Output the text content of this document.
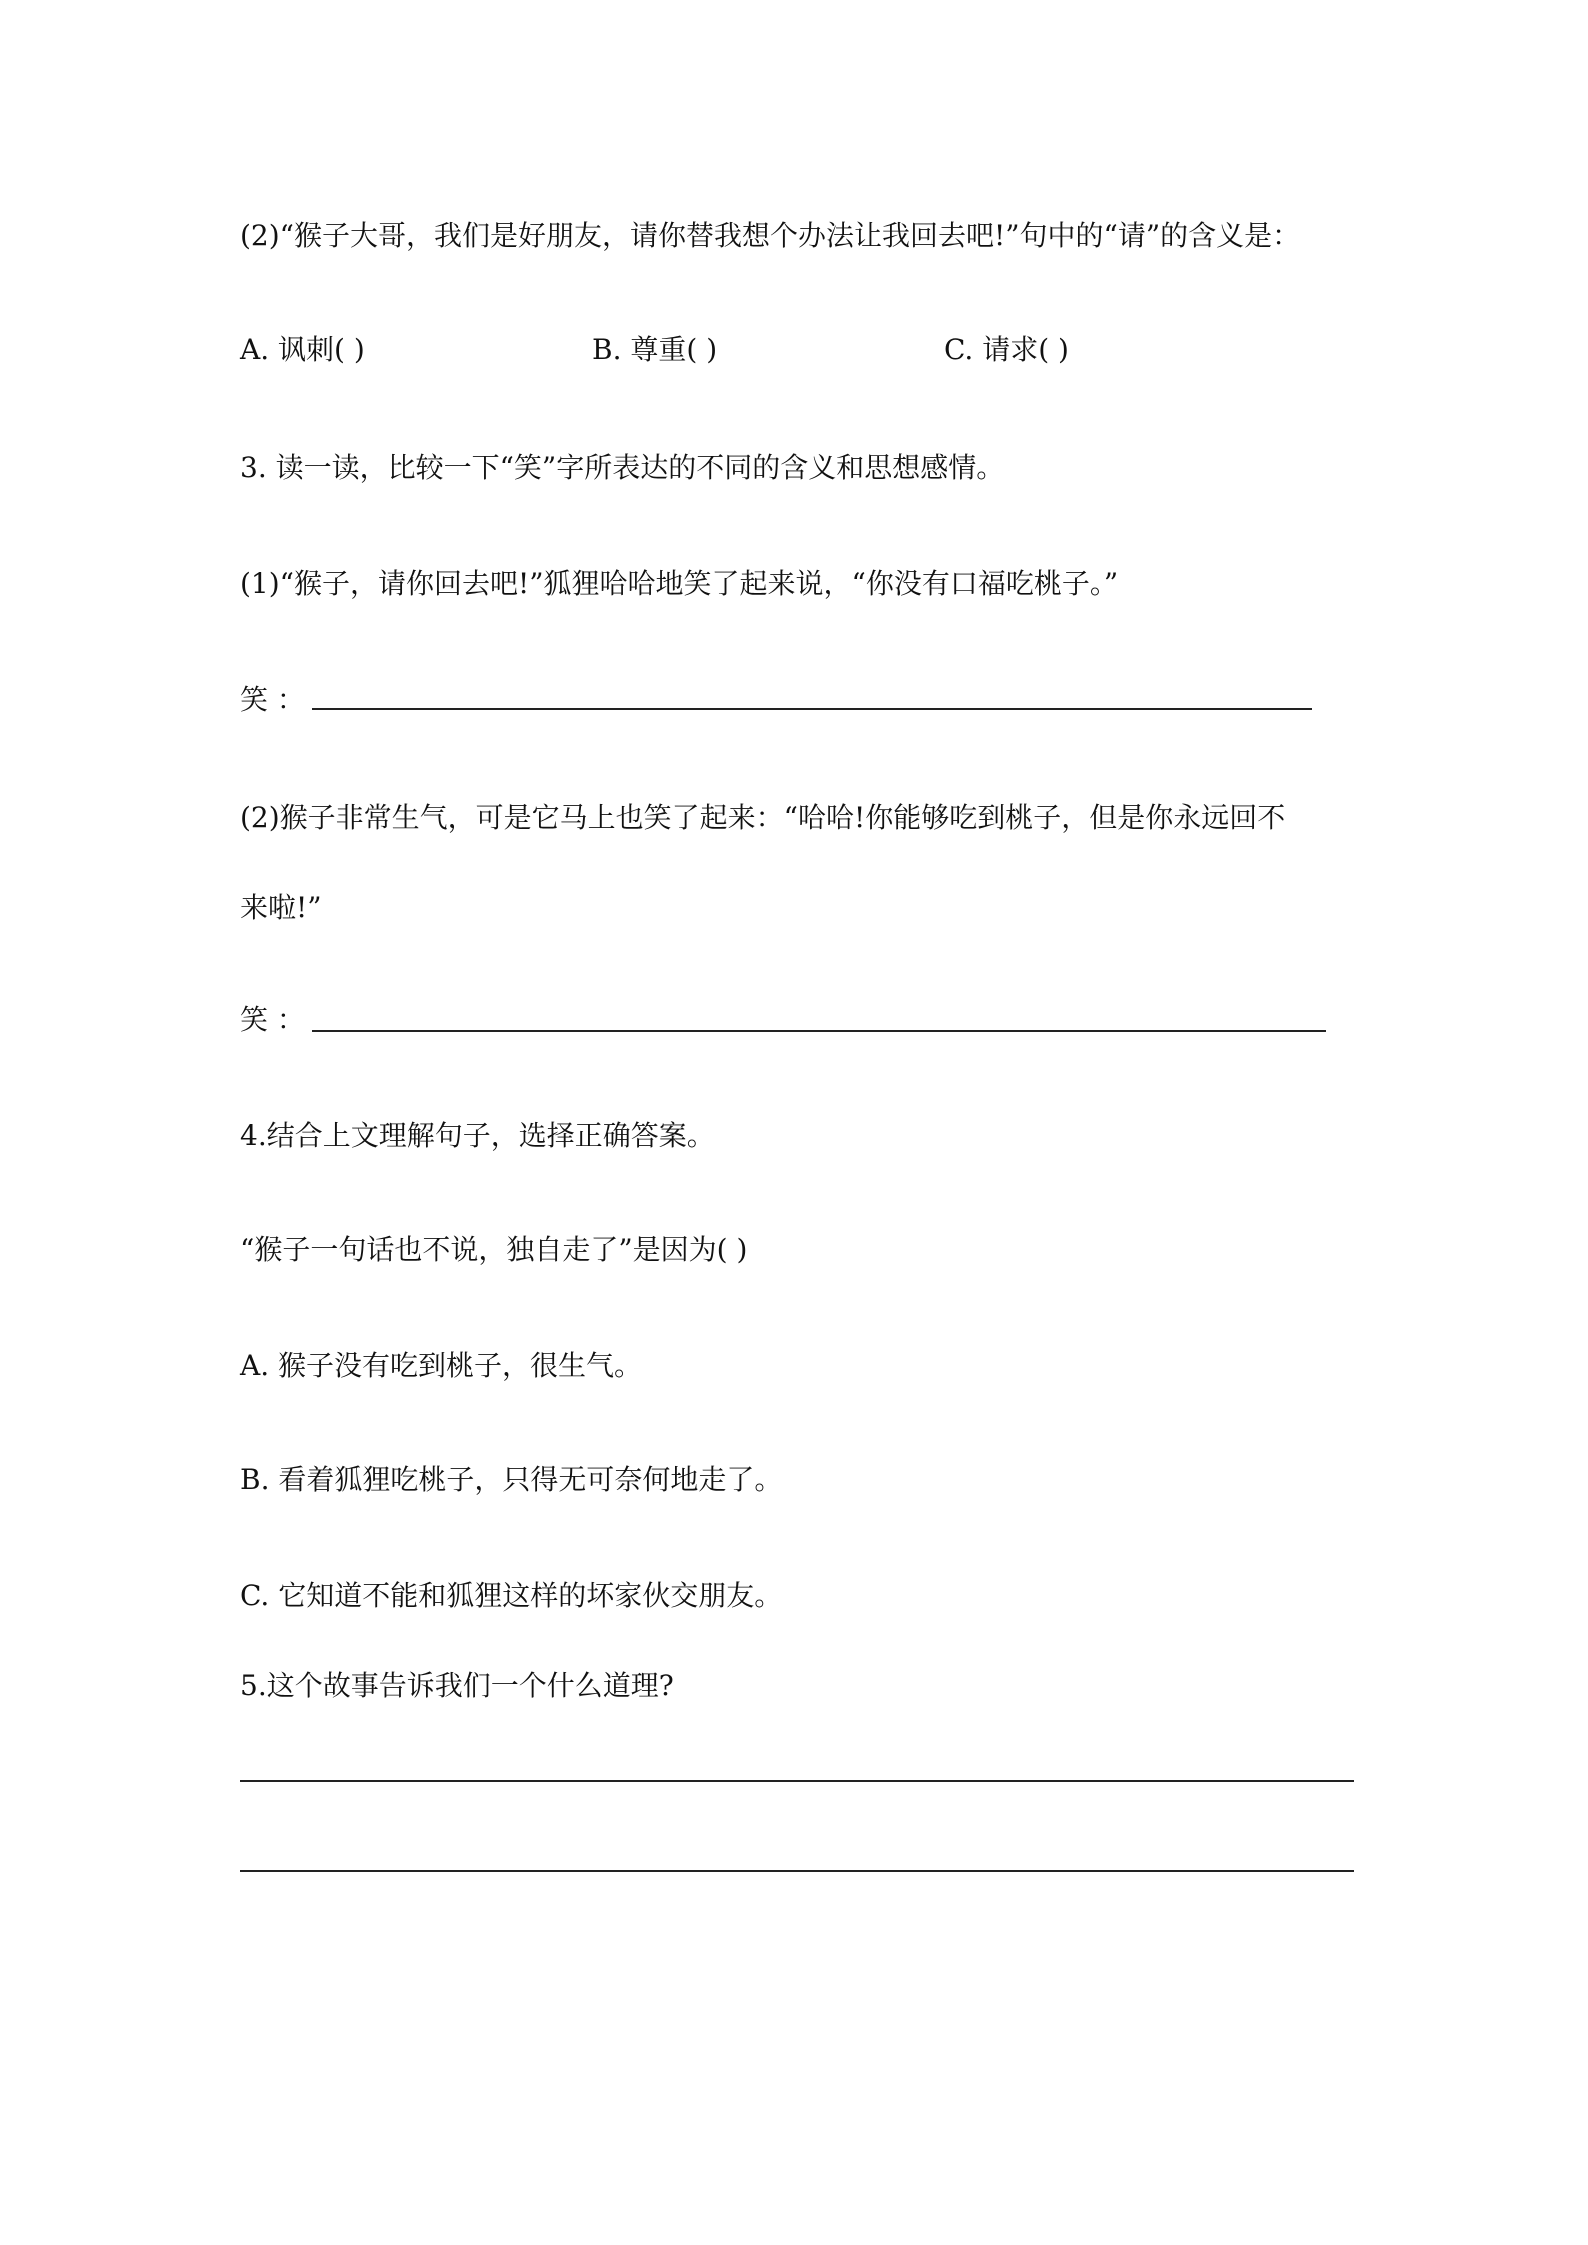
(2)“猴子大哥，我们是好朋友，请你替我想个办法让我回去吧!”句中的“请”的含义是：
A. 讽刺( )	B. 尊重( )	C. 请求( )
3. 读一读，比较一下“笑”字所表达的不同的含义和思想感情。
(1)“猴子，请你回去吧!”狐狸哈哈地笑了起来说，“你没有口福吃桃子。”
笑 ：
(2)猴子非常生气，可是它马上也笑了起来：“哈哈!你能够吃到桃子，但是你永远回不
来啦!”
笑 ：
4.结合上文理解句子，选择正确答案。
“猴子一句话也不说，独自走了”是因为( )
A. 猴子没有吃到桃子，很生气。
B. 看着狐狸吃桃子，只得无可奈何地走了。
C. 它知道不能和狐狸这样的坏家伙交朋友。
5.这个故事告诉我们一个什么道理?
